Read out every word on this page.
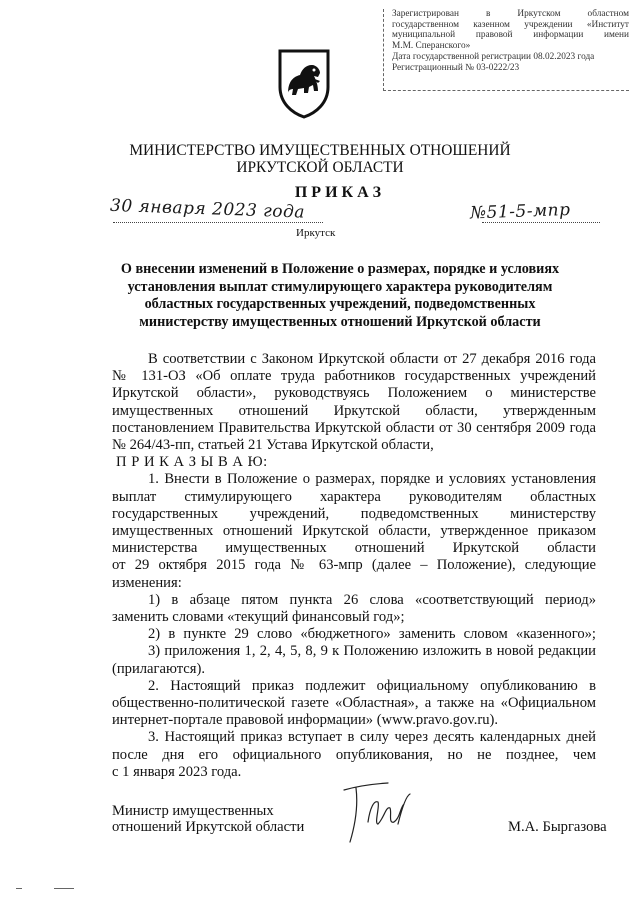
Зарегистрирован в Иркутском областном
государственном казенном учреждении «Институт
муниципальной правовой информации имени
М.М. Сперанского»
Дата государственной регистрации 08.02.2023 года
Регистрационный № 03-0222/23
МИНИСТЕРСТВО ИМУЩЕСТВЕННЫХ ОТНОШЕНИЙ
ИРКУТСКОЙ ОБЛАСТИ
П Р И К А З
30 января 2023 года	№51-5-мпр
Иркутск
О внесении изменений в Положение о размерах, порядке и условиях
установления выплат стимулирующего характера руководителям
областных государственных учреждений, подведомственных
министерству имущественных отношений Иркутской области
В соответствии с Законом Иркутской области от 27 декабря 2016 года
№ 131-ОЗ «Об оплате труда работников государственных учреждений
Иркутской области», руководствуясь Положением о министерстве
имущественных отношений Иркутской области, утвержденным
постановлением Правительства Иркутской области от 30 сентября 2009 года
№ 264/43-пп, статьей 21 Устава Иркутской области,
П Р И К А З Ы В А Ю:
1. Внести в Положение о размерах, порядке и условиях установления
выплат стимулирующего характера руководителям областных
государственных учреждений, подведомственных министерству
имущественных отношений Иркутской области, утвержденное приказом
министерства имущественных отношений Иркутской области
от 29 октября 2015 года № 63-мпр (далее – Положение), следующие
изменения:
1) в абзаце пятом пункта 26 слова «соответствующий период»
заменить словами «текущий финансовый год»;
2) в пункте 29 слово «бюджетного» заменить словом «казенного»;
3) приложения 1, 2, 4, 5, 8, 9 к Положению изложить в новой редакции
(прилагаются).
2. Настоящий приказ подлежит официальному опубликованию в
общественно-политической газете «Областная», а также на «Официальном
интернет-портале правовой информации» (www.pravo.gov.ru).
3. Настоящий приказ вступает в силу через десять календарных дней
после дня его официального опубликования, но не позднее, чем
с 1 января 2023 года.
Министр имущественных
отношений Иркутской области	М.А. Быргазова
